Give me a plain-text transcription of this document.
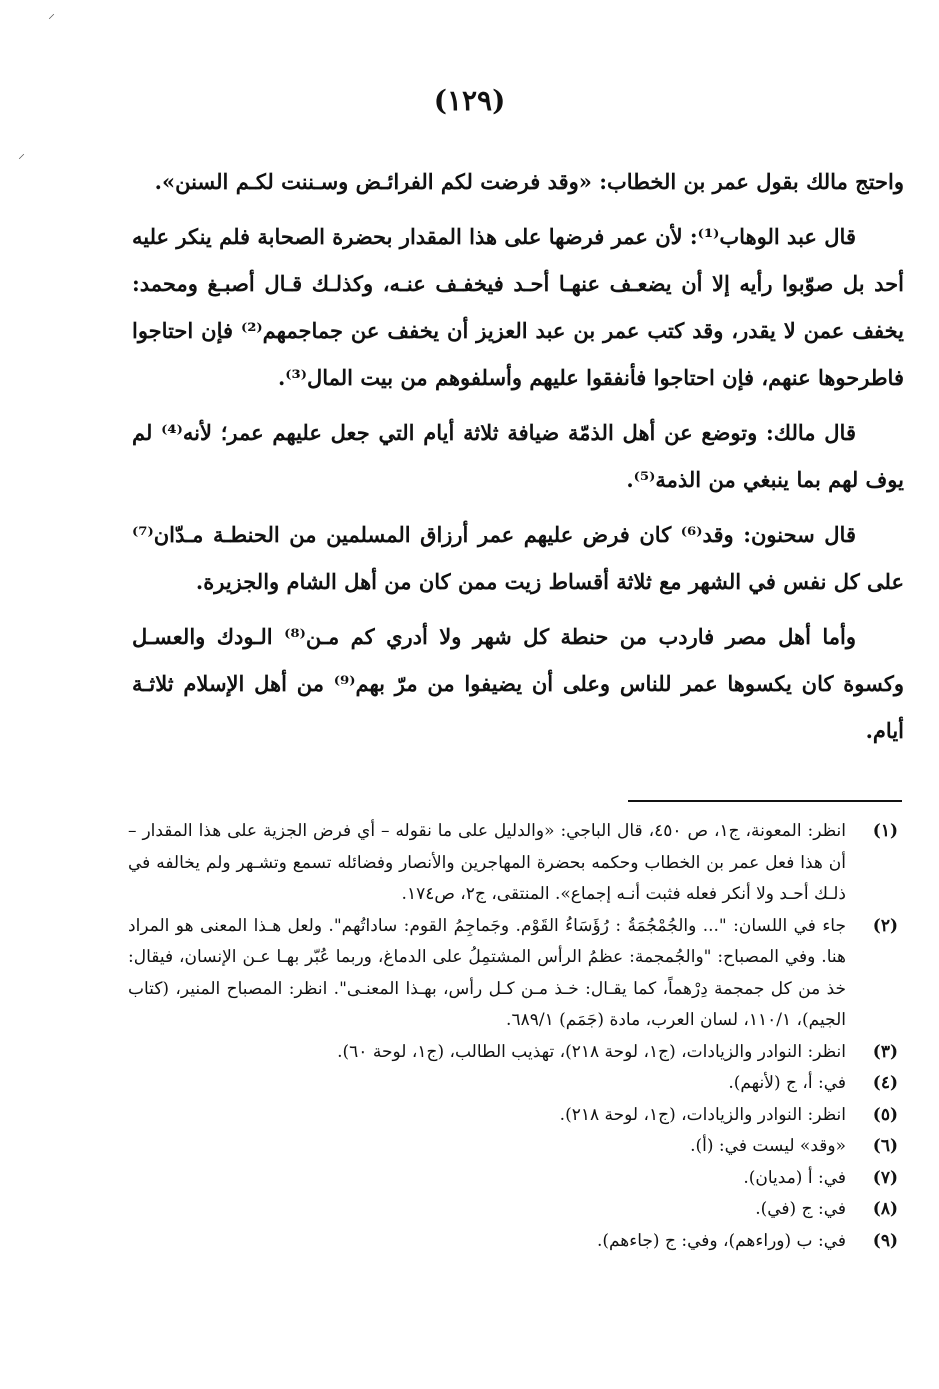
⸝
⸝
(١٢٩)

واحتج مالك بقول عمر بن الخطاب: «وقد فرضت لكم الفرائـض وسـننت لكـم السنن».

قال عبد الوهاب⁽¹⁾: لأن عمر فرضها على هذا المقدار بحضرة الصحابة فلم ينكر عليه أحد بل صوّبوا رأيه إلا أن يضعـف عنهـا أحـد فيخفـف عنـه، وكذلـك قـال أصبـغ ومحمد: يخفف عمن لا يقدر، وقد كتب عمر بن عبد العزيز أن يخفف عن جماجمهم⁽²⁾ فإن احتاجوا فاطرحوها عنهم، فإن احتاجوا فأنفقوا عليهم وأسلفوهم من بيت المال⁽³⁾.

قال مالك: وتوضع عن أهل الذمّة ضيافة ثلاثة أيام التي جعل عليهم عمر؛ لأنه⁽⁴⁾ لم يوف لهم بما ينبغي من الذمة⁽⁵⁾.

قال سحنون: وقد⁽⁶⁾ كان فرض عليهم عمر أرزاق المسلمين من الحنطـة مـدّان⁽⁷⁾ على كل نفس في الشهر مع ثلاثة أقساط زيت ممن كان من أهل الشام والجزيرة.

وأما أهل مصر فاردب من حنطة كل شهر ولا أدري كم مـن⁽⁸⁾ الـودك والعسـل وكسوة كان يكسوها عمر للناس وعلى أن يضيفوا من مرّ بهم⁽⁹⁾ من أهل الإسلام ثلاثـة أيام.

(١)
انظر: المعونة، ج١، ص ٤٥٠، قال الباجي: «والدليل على ما نقوله – أي فرض الجزية على هذا المقدار – أن هذا فعل عمر بن الخطاب وحكمه بحضرة المهاجرين والأنصار وفضائله تسمع وتشـهر ولم يخالفه في ذلـك أحـد ولا أنكر فعله فثبت أنـه إجماع». المنتقى، ج٢، ص١٧٤.
(٢)
جاء في اللسان: "... والجُمْجُمَةُ : رُؤَسَاءُ القَوْم. وجَماجِمُ القوم: ساداتُهم". ولعل هـذا المعنى هو المراد هنا. وفي المصباح: "والجُمجمة: عظمُ الرأس المشتمِلُ على الدماغ، وربما عُبّر بهـا عـن الإنسان، فيقال: خذ من كل جمجمة دِرْهماً، كما يقـال: خـذ مـن كـل رأس، بهـذا المعنـى". انظر: المصباح المنير، (كتاب الجيم)، ١١٠/١، لسان العرب، مادة (جَمَم) ٦٨٩/١.
(٣)
انظر: النوادر والزيادات، (ج١، لوحة ٢١٨)، تهذيب الطالب، (ج١، لوحة ٦٠).
(٤)
في: أ، ج (لأنهم).
(٥)
انظر: النوادر والزيادات، (ج١، لوحة ٢١٨).
(٦)
«وقد» ليست في: (أ).
(٧)
في: أ (مديان).
(٨)
في: ج (في).
(٩)
في: ب (وراءهم)، وفي: ج (جاءهم).
